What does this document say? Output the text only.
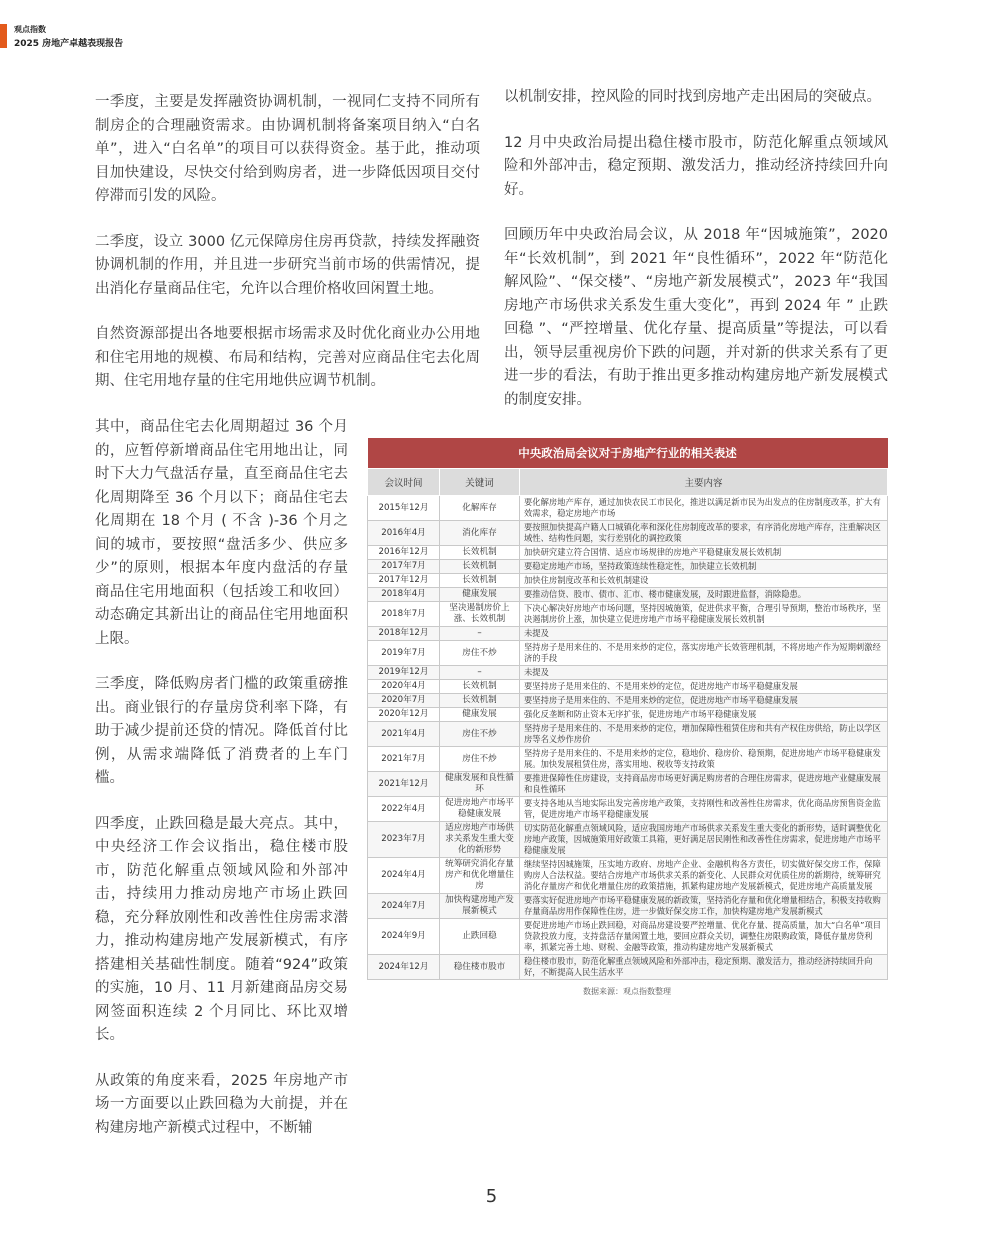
观点指数
2025 房地产卓越表现报告

一季度，主要是发挥融资协调机制，一视同仁支持不同所有制房企的合理融资需求。由协调机制将备案项目纳入“白名单”，进入“白名单”的项目可以获得资金。基于此，推动项目加快建设，尽快交付给到购房者，进一步降低因项目交付停滞而引发的风险。

二季度，设立 3000 亿元保障房住房再贷款，持续发挥融资协调机制的作用，并且进一步研究当前市场的供需情况，提出消化存量商品住宅，允许以合理价格收回闲置土地。

自然资源部提出各地要根据市场需求及时优化商业办公用地和住宅用地的规模、布局和结构，完善对应商品住宅去化周期、住宅用地存量的住宅用地供应调节机制。

其中，商品住宅去化周期超过 36 个月的，应暂停新增商品住宅用地出让，同时下大力气盘活存量，直至商品住宅去化周期降至 36 个月以下；商品住宅去化周期在 18 个月 ( 不含 )-36 个月之间的城市，要按照“盘活多少、供应多少”的原则，根据本年度内盘活的存量商品住宅用地面积（包括竣工和收回）动态确定其新出让的商品住宅用地面积上限。

三季度，降低购房者门槛的政策重磅推出。商业银行的存量房贷利率下降，有助于减少提前还贷的情况。降低首付比例，从需求端降低了消费者的上车门槛。

四季度，止跌回稳是最大亮点。其中，中央经济工作会议指出，稳住楼市股市，防范化解重点领域风险和外部冲击，持续用力推动房地产市场止跌回稳，充分释放刚性和改善性住房需求潜力，推动构建房地产发展新模式，有序搭建相关基础性制度。随着“924”政策的实施，10 月、11 月新建商品房交易网签面积连续 2 个月同比、环比双增长。

从政策的角度来看，2025 年房地产市场一方面要以止跌回稳为大前提，并在构建房地产新模式过程中，不断辅

以机制安排，控风险的同时找到房地产走出困局的突破点。

12 月中央政治局提出稳住楼市股市，防范化解重点领域风险和外部冲击，稳定预期、激发活力，推动经济持续回升向好。

回顾历年中央政治局会议，从 2018 年“因城施策”，2020 年“长效机制”，到 2021 年“良性循环”，2022 年“防范化解风险”、“保交楼”、“房地产新发展模式”，2023 年“我国房地产市场供求关系发生重大变化”，再到 2024 年 ” 止跌回稳 ”、“严控增量、优化存量、提高质量”等提法，可以看出，领导层重视房价下跌的问题，并对新的供求关系有了更进一步的看法，有助于推出更多推动构建房地产新发展模式的制度安排。

中央政治局会议对于房地产行业的相关表述		
会议时间	关键词	主要内容
2015年12月	化解库存	要化解房地产库存，通过加快农民工市民化，推进以满足新市民为出发点的住房制度改革，扩大有效需求，稳定房地产市场
2016年4月	消化库存	要按照加快提高户籍人口城镇化率和深化住房制度改革的要求，有序消化房地产库存，注重解决区域性、结构性问题，实行差别化的调控政策
2016年12月	长效机制	加快研究建立符合国情、适应市场规律的房地产平稳健康发展长效机制
2017年7月	长效机制	要稳定房地产市场，坚持政策连续性稳定性，加快建立长效机制
2017年12月	长效机制	加快住房制度改革和长效机制建设
2018年4月	健康发展	要推动信贷、股市、债市、汇市、楼市健康发展，及时跟进监督，消除隐患。
2018年7月	坚决遏制房价上涨、长效机制	下决心解决好房地产市场问题，坚持因城施策，促进供求平衡，合理引导预期，整治市场秩序，坚决遏制房价上涨，加快建立促进房地产市场平稳健康发展长效机制
2018年12月	–	未提及
2019年7月	房住不炒	坚持房子是用来住的、不是用来炒的定位，落实房地产长效管理机制，不将房地产作为短期刺激经济的手段
2019年12月	–	未提及
2020年4月	长效机制	要坚持房子是用来住的、不是用来炒的定位，促进房地产市场平稳健康发展
2020年7月	长效机制	要坚持房子是用来住的、不是用来炒的定位，促进房地产市场平稳健康发展
2020年12月	健康发展	强化反垄断和防止资本无序扩张，促进房地产市场平稳健康发展
2021年4月	房住不炒	坚持房子是用来住的、不是用来炒的定位，增加保障性租赁住房和共有产权住房供给，防止以学区房等名义炒作房价
2021年7月	房住不炒	坚持房子是用来住的、不是用来炒的定位，稳地价、稳房价、稳预期，促进房地产市场平稳健康发展。加快发展租赁住房，落实用地、税收等支持政策
2021年12月	健康发展和良性循环	要推进保障性住房建设，支持商品房市场更好满足购房者的合理住房需求，促进房地产业健康发展和良性循环
2022年4月	促进房地产市场平稳健康发展	要支持各地从当地实际出发完善房地产政策，支持刚性和改善性住房需求，优化商品房预售资金监管，促进房地产市场平稳健康发展
2023年7月	适应房地产市场供求关系发生重大变化的新形势	切实防范化解重点领域风险，适应我国房地产市场供求关系发生重大变化的新形势，适时调整优化房地产政策，因城施策用好政策工具箱，更好满足居民刚性和改善性住房需求，促进房地产市场平稳健康发展
2024年4月	统筹研究消化存量房产和优化增量住房	继续坚持因城施策，压实地方政府、房地产企业、金融机构各方责任，切实做好保交房工作，保障购房人合法权益。要结合房地产市场供求关系的新变化、人民群众对优质住房的新期待，统筹研究消化存量房产和优化增量住房的政策措施，抓紧构建房地产发展新模式，促进房地产高质量发展
2024年7月	加快构建房地产发展新模式	要落实好促进房地产市场平稳健康发展的新政策，坚持消化存量和优化增量相结合，积极支持收购存量商品房用作保障性住房，进一步做好保交房工作，加快构建房地产发展新模式
2024年9月	止跌回稳	要促进房地产市场止跌回稳，对商品房建设要严控增量、优化存量、提高质量，加大“白名单”项目贷款投放力度，支持盘活存量闲置土地，要回应群众关切，调整住房限购政策，降低存量房贷利率，抓紧完善土地、财税、金融等政策，推动构建房地产发展新模式
2024年12月	稳住楼市股市	稳住楼市股市，防范化解重点领域风险和外部冲击，稳定预期、激发活力，推动经济持续回升向好，不断提高人民生活水平
数据来源：观点指数整理
5
